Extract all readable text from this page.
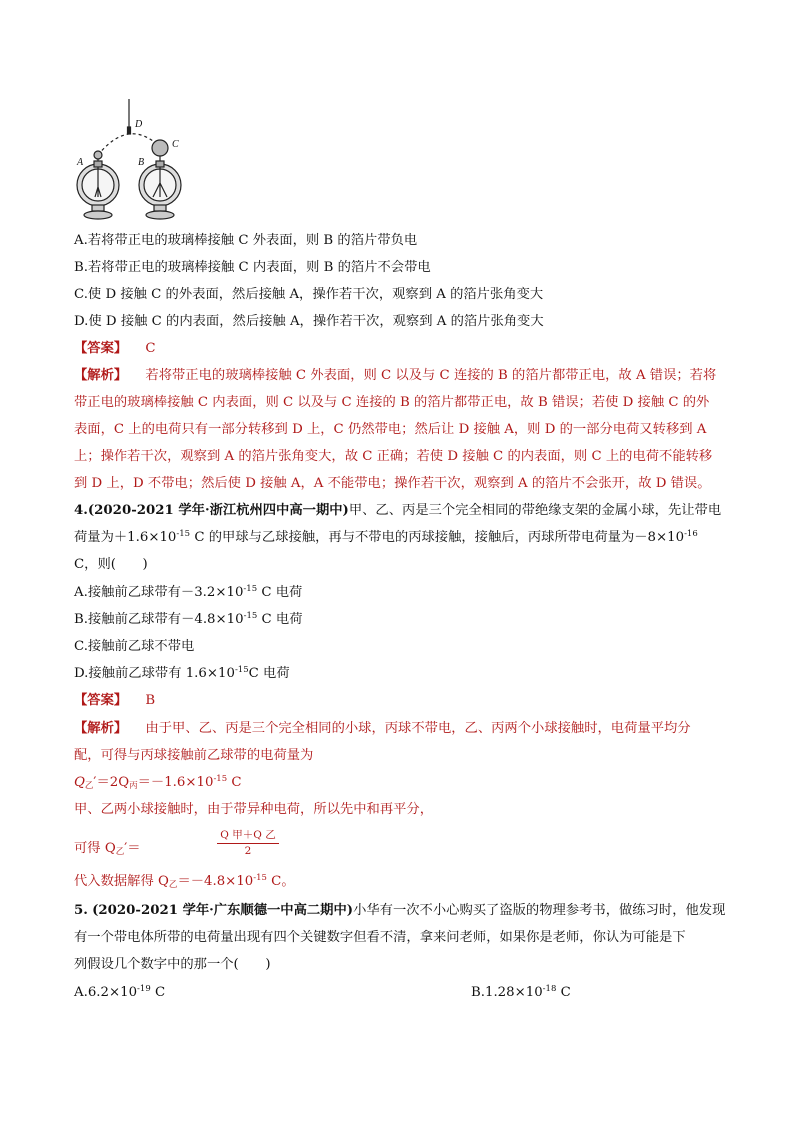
D
C
A	B
A.若将带正电的玻璃棒接触 C 外表面，则 B 的箔片带负电
B.若将带正电的玻璃棒接触 C 内表面，则 B 的箔片不会带电
C.使 D 接触 C 的外表面，然后接触 A，操作若干次，观察到 A 的箔片张角变大
D.使 D 接触 C 的内表面，然后接触 A，操作若干次，观察到 A 的箔片张角变大
【答案】 C
【解析】 若将带正电的玻璃棒接触 C 外表面，则 C 以及与 C 连接的 B 的箔片都带正电，故 A 错误；若将
带正电的玻璃棒接触 C 内表面，则 C 以及与 C 连接的 B 的箔片都带正电，故 B 错误；若使 D 接触 C 的外
表面，C 上的电荷只有一部分转移到 D 上，C 仍然带电；然后让 D 接触 A，则 D 的一部分电荷又转移到 A
上；操作若干次，观察到 A 的箔片张角变大，故 C 正确；若使 D 接触 C 的内表面，则 C 上的电荷不能转移
到 D 上，D 不带电；然后使 D 接触 A，A 不能带电；操作若干次，观察到 A 的箔片不会张开，故 D 错误。
4.(2020-2021 学年·浙江杭州四中高一期中)甲、乙、丙是三个完全相同的带绝缘支架的金属小球，先让带电
荷量为$+1.6\times 10^{-15}$ C 的甲球与乙球接触，再与不带电的丙球接触，接触后，丙球所带电荷量为$-8\times 10^{-16}$
C，则(　　)
A.接触前乙球带有$-3.2\times 10^{-15}$ C 电荷
B.接触前乙球带有$-4.8\times 10^{-15}$ C 电荷
C.接触前乙球不带电
D.接触前乙球带有 $1.6\times 10^{-15}C$ 电荷
【答案】 B
【解析】 由于甲、乙、丙是三个完全相同的小球，丙球不带电，乙、丙两个小球接触时，电荷量平均分
配，可得与丙球接触前乙球带的电荷量为
$Q_乙'=2Q_丙=-1.6\times 10^{-15}$ C
甲、乙两小球接触时，由于带异种电荷，所以先中和再平分，
可得 $Q_乙'=$
Q 甲＋Q 乙
2
代入数据解得 $Q_乙=-4.8\times 10^{-15}$ C。
5. (2020-2021 学年·广东顺德一中高二期中)小华有一次不小心购买了盗版的物理参考书，做练习时，他发现
有一个带电体所带的电荷量出现有四个关键数字但看不清，拿来问老师，如果你是老师，你认为可能是下
列假设几个数字中的那一个(　　)
$A.6.2\times 10^{-19}$ C	$B.1.28\times 10^{-18}$ C
